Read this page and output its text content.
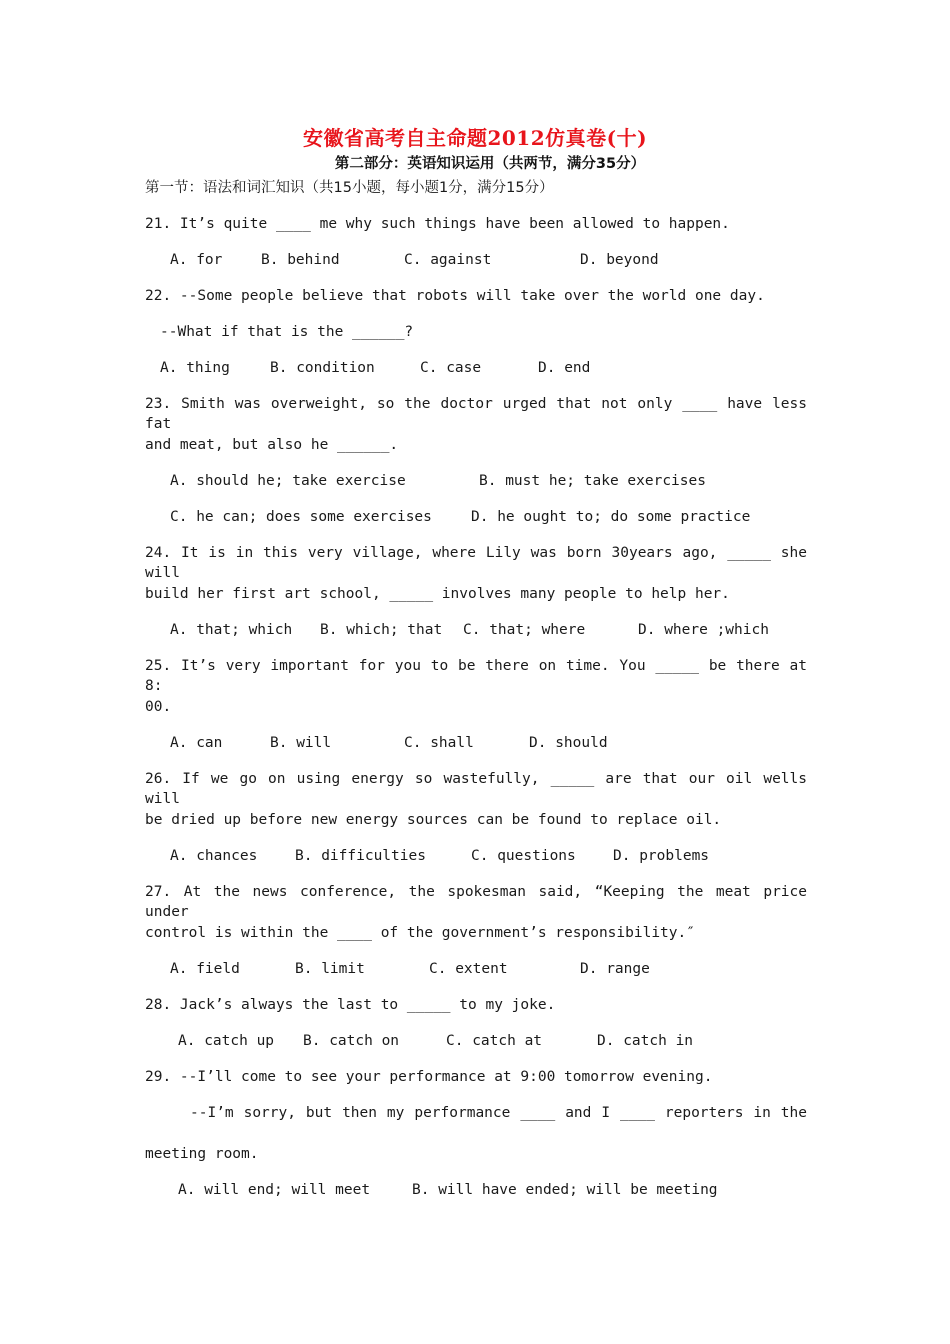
安徽省高考自主命题2012仿真卷(十)
第二部分：英语知识运用（共两节，满分35分）
第一节：语法和词汇知识（共15小题，每小题1分，满分15分）
21. It’s quite ____ me why such things have been allowed to happen.
A. for	B. behind	C. against	D. beyond
22. --Some people believe that robots will take over the world one day.
--What if that is the ______?
A. thing	B. condition	C. case	D. end
23. Smith was overweight, so the doctor urged that not only ____ have less fat
and meat, but also he ______.
A. should he; take exercise	B. must he; take exercises
C. he can; does some exercises	D. he ought to; do some practice
24. It is in this very village, where Lily was born 30years ago, _____ she will
build her first art school, _____ involves many people to help her.
A. that; which B. which; that C. that; where	D. where ;which
25. It’s very important for you to be there on time. You _____ be there at 8:
00.
A. can	B. will	C. shall	D. should
26. If we go on using energy so wastefully, _____ are that our oil wells will
be dried up before new energy sources can be found to replace oil.
A. chances	B. difficulties	C. questions	D. problems
27. At the news conference, the spokesman said, “Keeping the meat price under
control is within the ____ of the government’s responsibility.″
A. field	B. limit	C. extent	D. range
28. Jack’s always the last to _____ to my joke.
A. catch up B. catch on	C. catch at	D. catch in
29. --I’ll come to see your performance at 9:00 tomorrow evening.
--I’m sorry, but then my performance ____ and I ____ reporters in the
meeting room.
A. will end; will meet	B. will have ended; will be meeting
